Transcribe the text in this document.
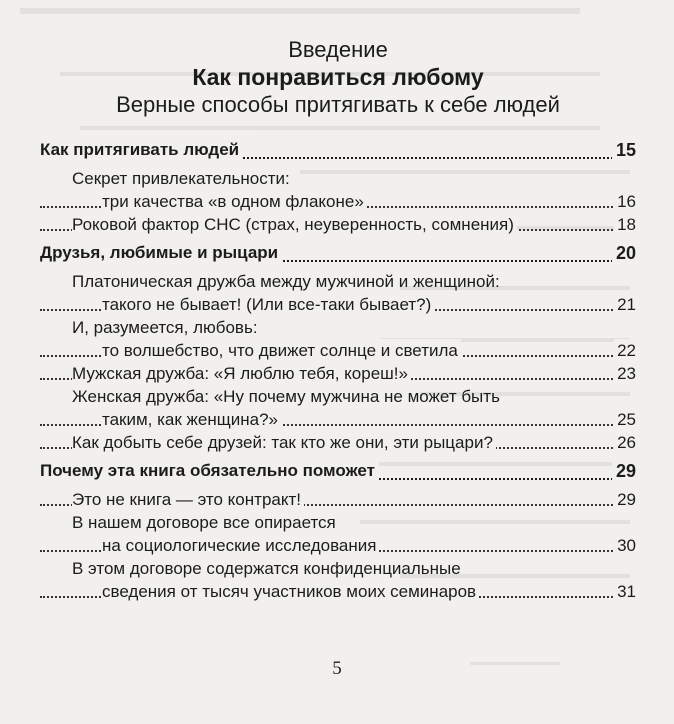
Введение
Как понравиться любому
Верные способы притягивать к себе людей
Как притягивать людей	15
Секрет привлекательности:
три качества «в одном флаконе»	16
Роковой фактор СНС (страх, неуверенность, сомнения)	18
Друзья, любимые и рыцари	20
Платоническая дружба между мужчиной и женщиной:
такого не бывает! (Или все-таки бывает?)	21
И, разумеется, любовь:
то волшебство, что движет солнце и светила	22
Мужская дружба: «Я люблю тебя, кореш!»	23
Женская дружба: «Ну почему мужчина не может быть
таким, как женщина?»	25
Как добыть себе друзей: так кто же они, эти рыцари?	26
Почему эта книга обязательно поможет	29
Это не книга — это контракт!	29
В нашем договоре все опирается
на социологические исследования	30
В этом договоре содержатся конфиденциальные
сведения от тысяч участников моих семинаров	31
5
